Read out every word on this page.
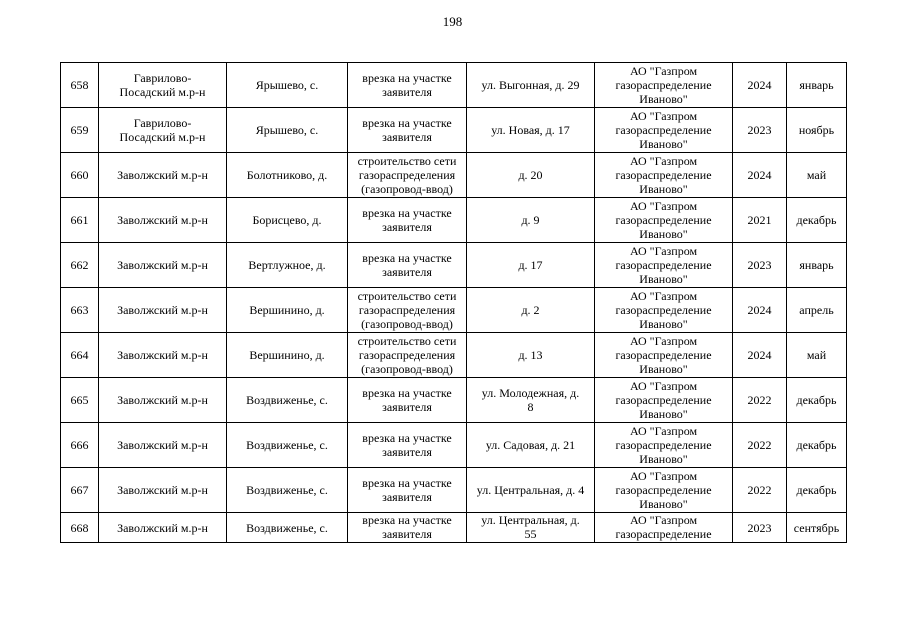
198
658	Гаврилово-
Посадский м.р-н	Ярышево, с.	врезка на участке
заявителя	ул. Выгонная, д. 29	АО "Газпром
газораспределение
Иваново"	2024	январь
659	Гаврилово-
Посадский м.р-н	Ярышево, с.	врезка на участке
заявителя	ул. Новая, д. 17	АО "Газпром
газораспределение
Иваново"	2023	ноябрь
660	Заволжский м.р-н	Болотниково, д.	строительство сети
газораспределения
(газопровод-ввод)	д. 20	АО "Газпром
газораспределение
Иваново"	2024	май
661	Заволжский м.р-н	Борисцево, д.	врезка на участке
заявителя	д. 9	АО "Газпром
газораспределение
Иваново"	2021	декабрь
662	Заволжский м.р-н	Вертлужное, д.	врезка на участке
заявителя	д. 17	АО "Газпром
газораспределение
Иваново"	2023	январь
663	Заволжский м.р-н	Вершинино, д.	строительство сети
газораспределения
(газопровод-ввод)	д. 2	АО "Газпром
газораспределение
Иваново"	2024	апрель
664	Заволжский м.р-н	Вершинино, д.	строительство сети
газораспределения
(газопровод-ввод)	д. 13	АО "Газпром
газораспределение
Иваново"	2024	май
665	Заволжский м.р-н	Воздвиженье, с.	врезка на участке
заявителя	ул. Молодежная, д.
8	АО "Газпром
газораспределение
Иваново"	2022	декабрь
666	Заволжский м.р-н	Воздвиженье, с.	врезка на участке
заявителя	ул. Садовая, д. 21	АО "Газпром
газораспределение
Иваново"	2022	декабрь
667	Заволжский м.р-н	Воздвиженье, с.	врезка на участке
заявителя	ул. Центральная, д. 4	АО "Газпром
газораспределение
Иваново"	2022	декабрь
668	Заволжский м.р-н	Воздвиженье, с.	врезка на участке
заявителя	ул. Центральная, д.
55	АО "Газпром
газораспределение	2023	сентябрь
